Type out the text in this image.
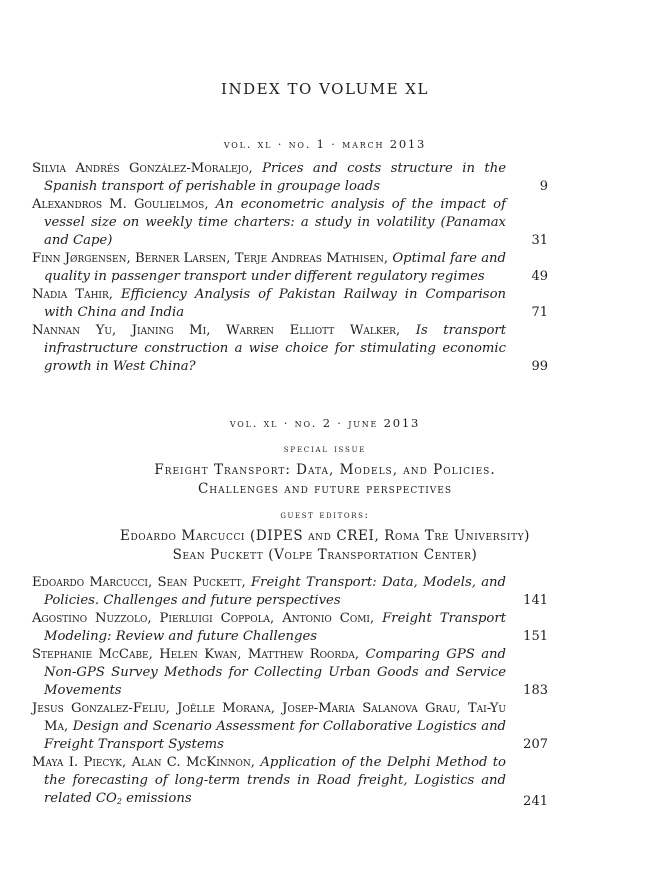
INDEX TO VOLUME XL
vol. xl · no. 1 · march 2013
Silvia Andrés González-Moralejo, Prices and costs structure in the Spanish transport of perishable in groupage loads	9
Alexandros M. Goulielmos, An econometric analysis of the impact of vessel size on weekly time charters: a study in volatility (Panamax and Cape)	31
Finn Jørgensen, Berner Larsen, Terje Andreas Mathisen, Optimal fare and quality in passenger transport under different regulatory regimes	49
Nadia Tahir, Efficiency Analysis of Pakistan Railway in Comparison with China and India	71
Nannan Yu, Jianing Mi, Warren Elliott Walker, Is transport infrastructure construction a wise choice for stimulating economic growth in West China?	99
vol. xl · no. 2 · june 2013
special issue
Freight Transport: Data, Models, and Policies.
Challenges and future perspectives
guest editors:
Edoardo Marcucci (DIPES and CREI, Roma Tre University)
Sean Puckett (Volpe Transportation Center)
Edoardo Marcucci, Sean Puckett, Freight Transport: Data, Models, and Policies. Challenges and future perspectives	141
Agostino Nuzzolo, Pierluigi Coppola, Antonio Comi, Freight Transport Modeling: Review and future Challenges	151
Stephanie McCabe, Helen Kwan, Matthew Roorda, Comparing GPS and Non-GPS Survey Methods for Collecting Urban Goods and Service Movements	183
Jesus Gonzalez-Feliu, Joëlle Morana, Josep-Maria Salanova Grau, Tai-Yu Ma, Design and Scenario Assessment for Collaborative Logistics and Freight Transport Systems	207
Maya I. Piecyk, Alan C. McKinnon, Application of the Delphi Method to the forecasting of long-term trends in Road freight, Logistics and related $CO_2$ emissions	241
